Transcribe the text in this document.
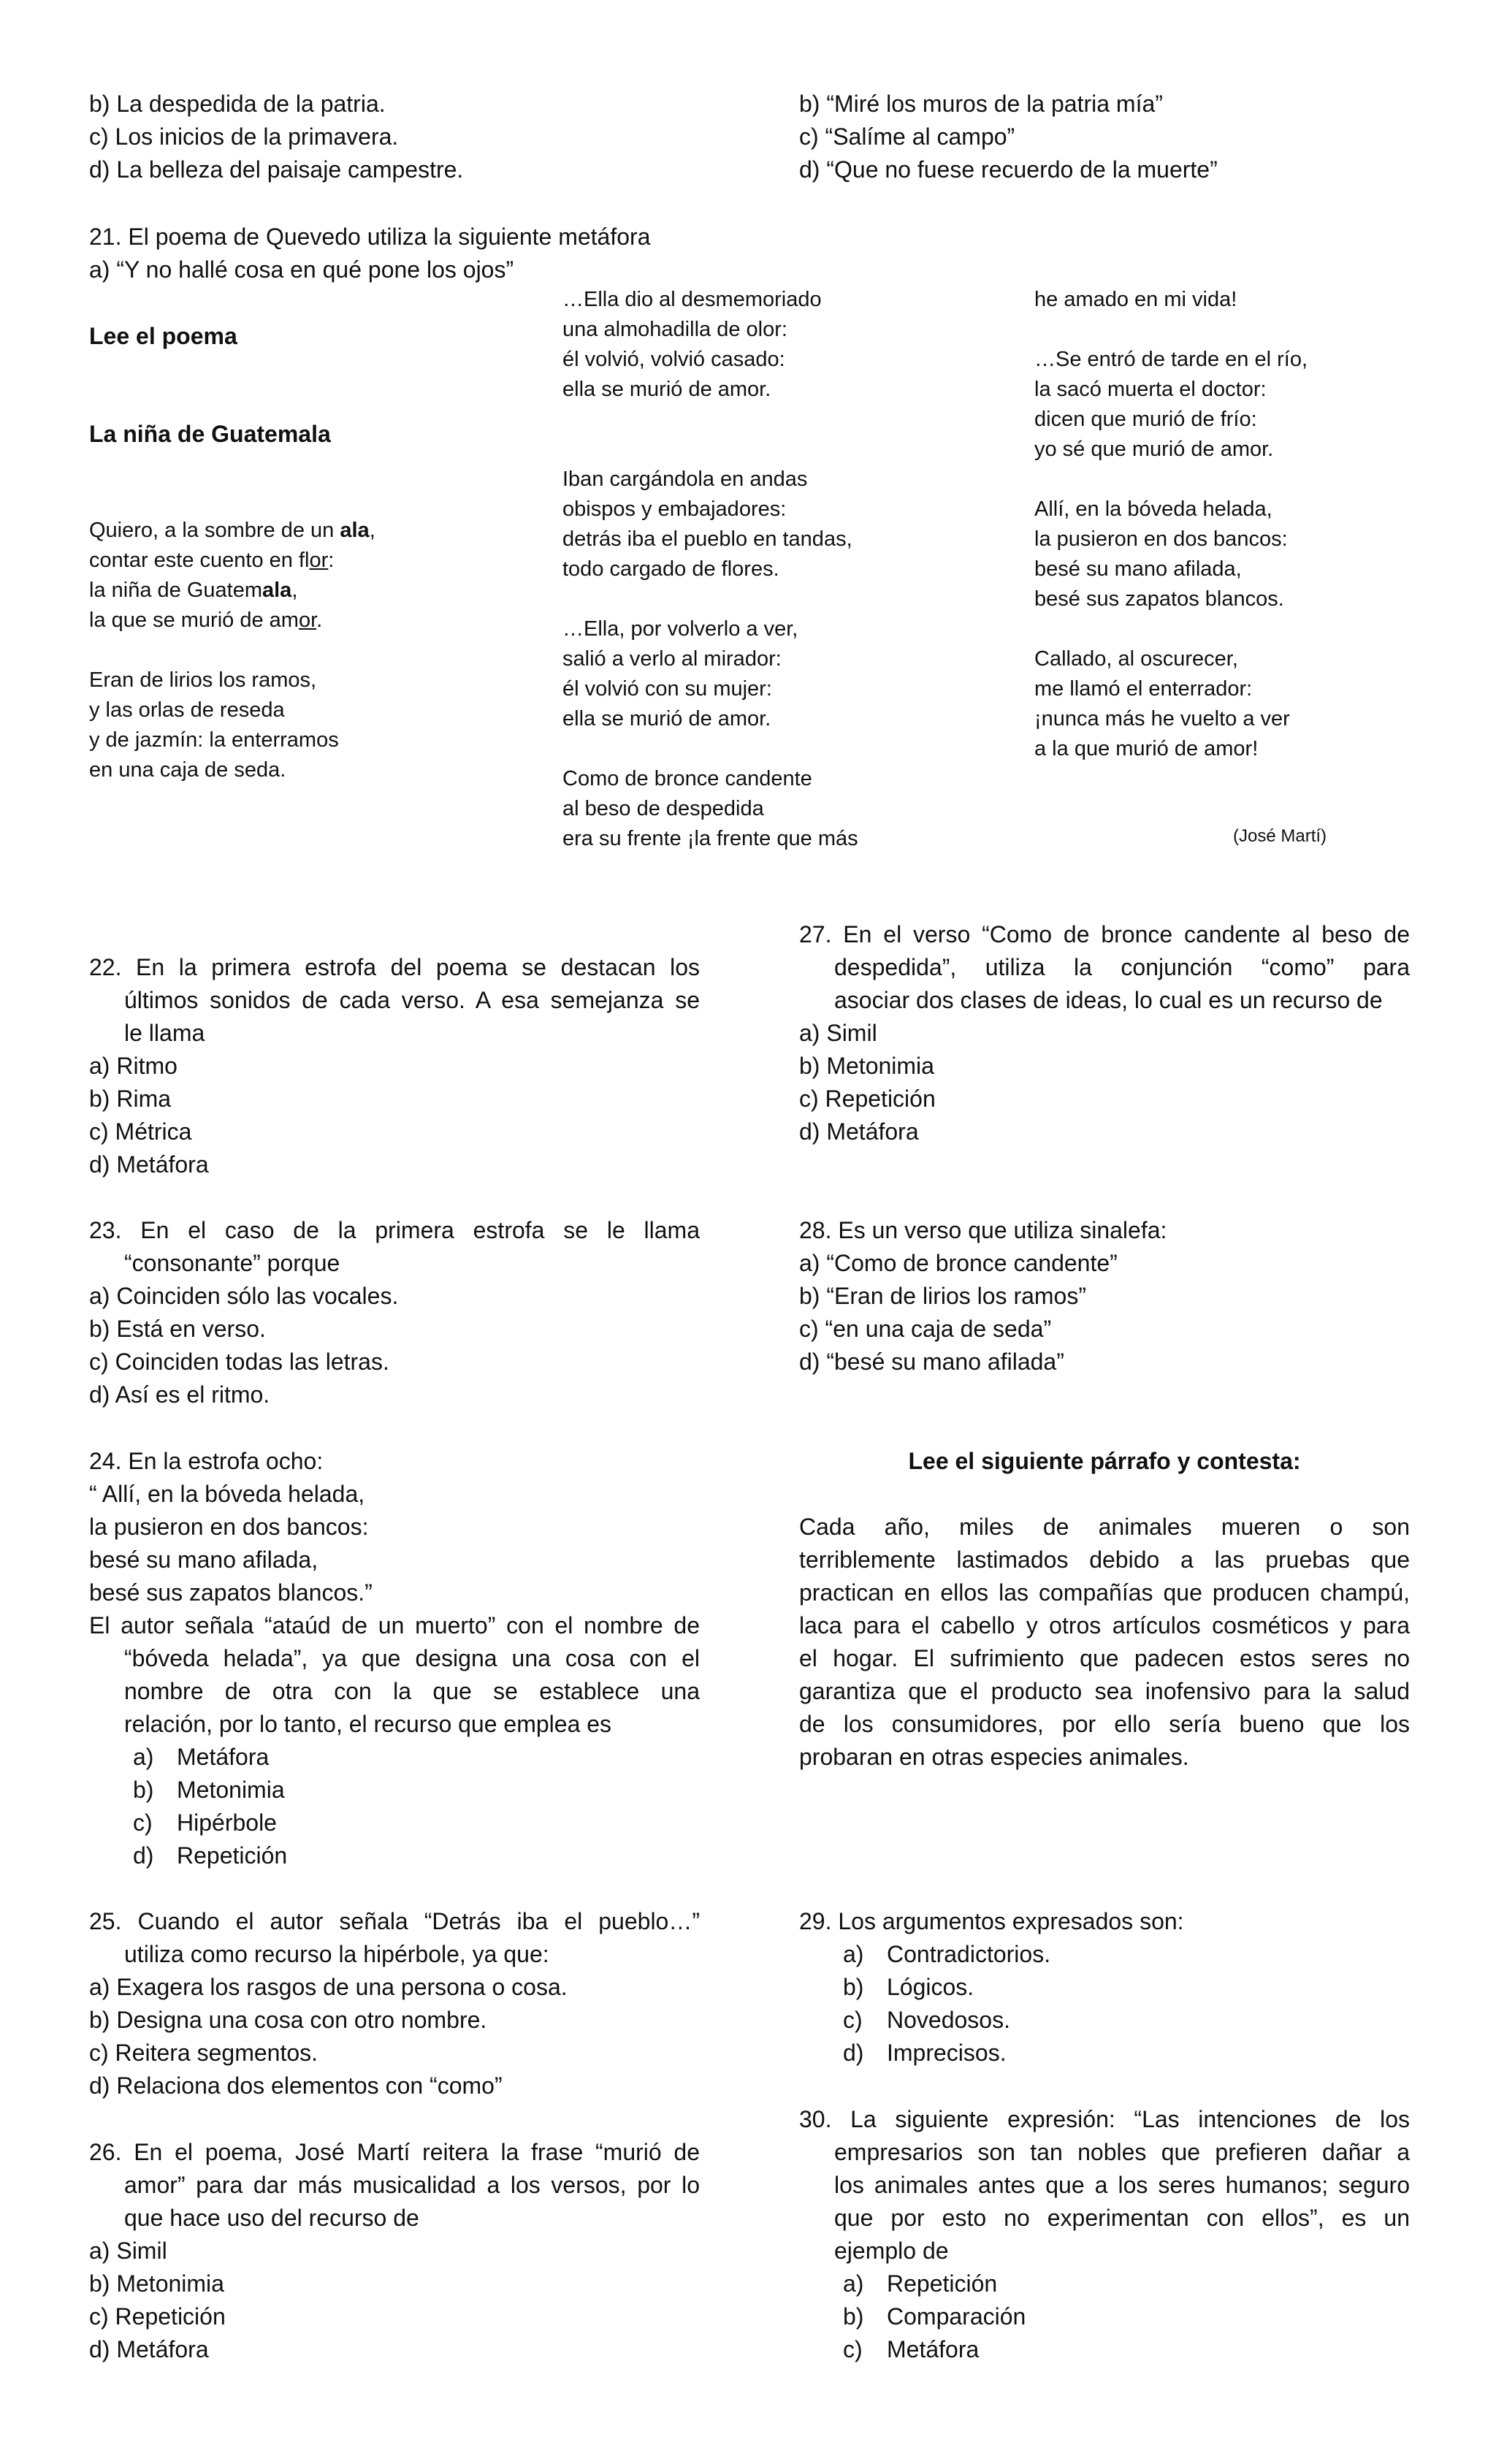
b) La despedida de la patria.
c) Los inicios de la primavera.
d) La belleza del paisaje campestre.
b) “Miré los muros de la patria mía”
c) “Salíme al campo”
d) “Que no fuese recuerdo de la muerte”
21. El poema de Quevedo utiliza la siguiente metáfora
a) “Y no hallé cosa en qué pone los ojos”
Lee el poema
La niña de Guatemala
Quiero, a la sombre de un ala,
contar este cuento en flor:
la niña de Guatemala,
la que se murió de amor.
Eran de lirios los ramos,
y las orlas de reseda
y de jazmín: la enterramos
en una caja de seda.
…Ella dio al desmemoriado
una almohadilla de olor:
él volvió, volvió casado:
ella se murió de amor.
Iban cargándola en andas
obispos y embajadores:
detrás iba el pueblo en tandas,
todo cargado de flores.
…Ella, por volverlo a ver,
salió a verlo al mirador:
él volvió con su mujer:
ella se murió de amor.
Como de bronce candente
al beso de despedida
era su frente ¡la frente que más
he amado en mi vida!
…Se entró de tarde en el río,
la sacó muerta el doctor:
dicen que murió de frío:
yo sé que murió de amor.
Allí, en la bóveda helada,
la pusieron en dos bancos:
besé su mano afilada,
besé sus zapatos blancos.
Callado, al oscurecer,
me llamó el enterrador:
¡nunca más he vuelto a ver
a la que murió de amor!
(José Martí)
22. En la primera estrofa del poema se destacan los
últimos sonidos de cada verso. A esa semejanza se
le llama
a) Ritmo
b) Rima
c) Métrica
d) Metáfora
23. En el caso de la primera estrofa se le llama
“consonante” porque
a) Coinciden sólo las vocales.
b) Está en verso.
c) Coinciden todas las letras.
d) Así es el ritmo.
24. En la estrofa ocho:
“ Allí, en la bóveda helada,
la pusieron en dos bancos:
besé su mano afilada,
besé sus zapatos blancos.”
El autor señala “ataúd de un muerto” con el nombre de
“bóveda helada”, ya que designa una cosa con el
nombre de otra con la que se establece una
relación, por lo tanto, el recurso que emplea es
a) Metáfora
b) Metonimia
c)	Hipérbole
d) Repetición
25. Cuando el autor señala “Detrás iba el pueblo…”
utiliza como recurso la hipérbole, ya que:
a) Exagera los rasgos de una persona o cosa.
b) Designa una cosa con otro nombre.
c) Reitera segmentos.
d) Relaciona dos elementos con “como”
26. En el poema, José Martí reitera la frase “murió de
amor” para dar más musicalidad a los versos, por lo
que hace uso del recurso de
a) Simil
b) Metonimia
c) Repetición
d) Metáfora
27. En el verso “Como de bronce candente al beso de
despedida”, utiliza la conjunción “como” para
asociar dos clases de ideas, lo cual es un recurso de
a) Simil
b) Metonimia
c) Repetición
d) Metáfora
28. Es un verso que utiliza sinalefa:
a) “Como de bronce candente”
b) “Eran de lirios los ramos”
c) “en una caja de seda”
d) “besé su mano afilada”
Lee el siguiente párrafo y contesta:
Cada año, miles de animales mueren o son
terriblemente lastimados debido a las pruebas que
practican en ellos las compañías que producen champú,
laca para el cabello y otros artículos cosméticos y para
el hogar. El sufrimiento que padecen estos seres no
garantiza que el producto sea inofensivo para la salud
de los consumidores, por ello sería bueno que los
probaran en otras especies animales.
29. Los argumentos expresados son:
a) Contradictorios.
b) Lógicos.
c)	Novedosos.
d) Imprecisos.
30. La siguiente expresión: “Las intenciones de los
empresarios son tan nobles que prefieren dañar a
los animales antes que a los seres humanos; seguro
que por esto no experimentan con ellos”, es un
ejemplo de
a) Repetición
b) Comparación
c)	Metáfora
